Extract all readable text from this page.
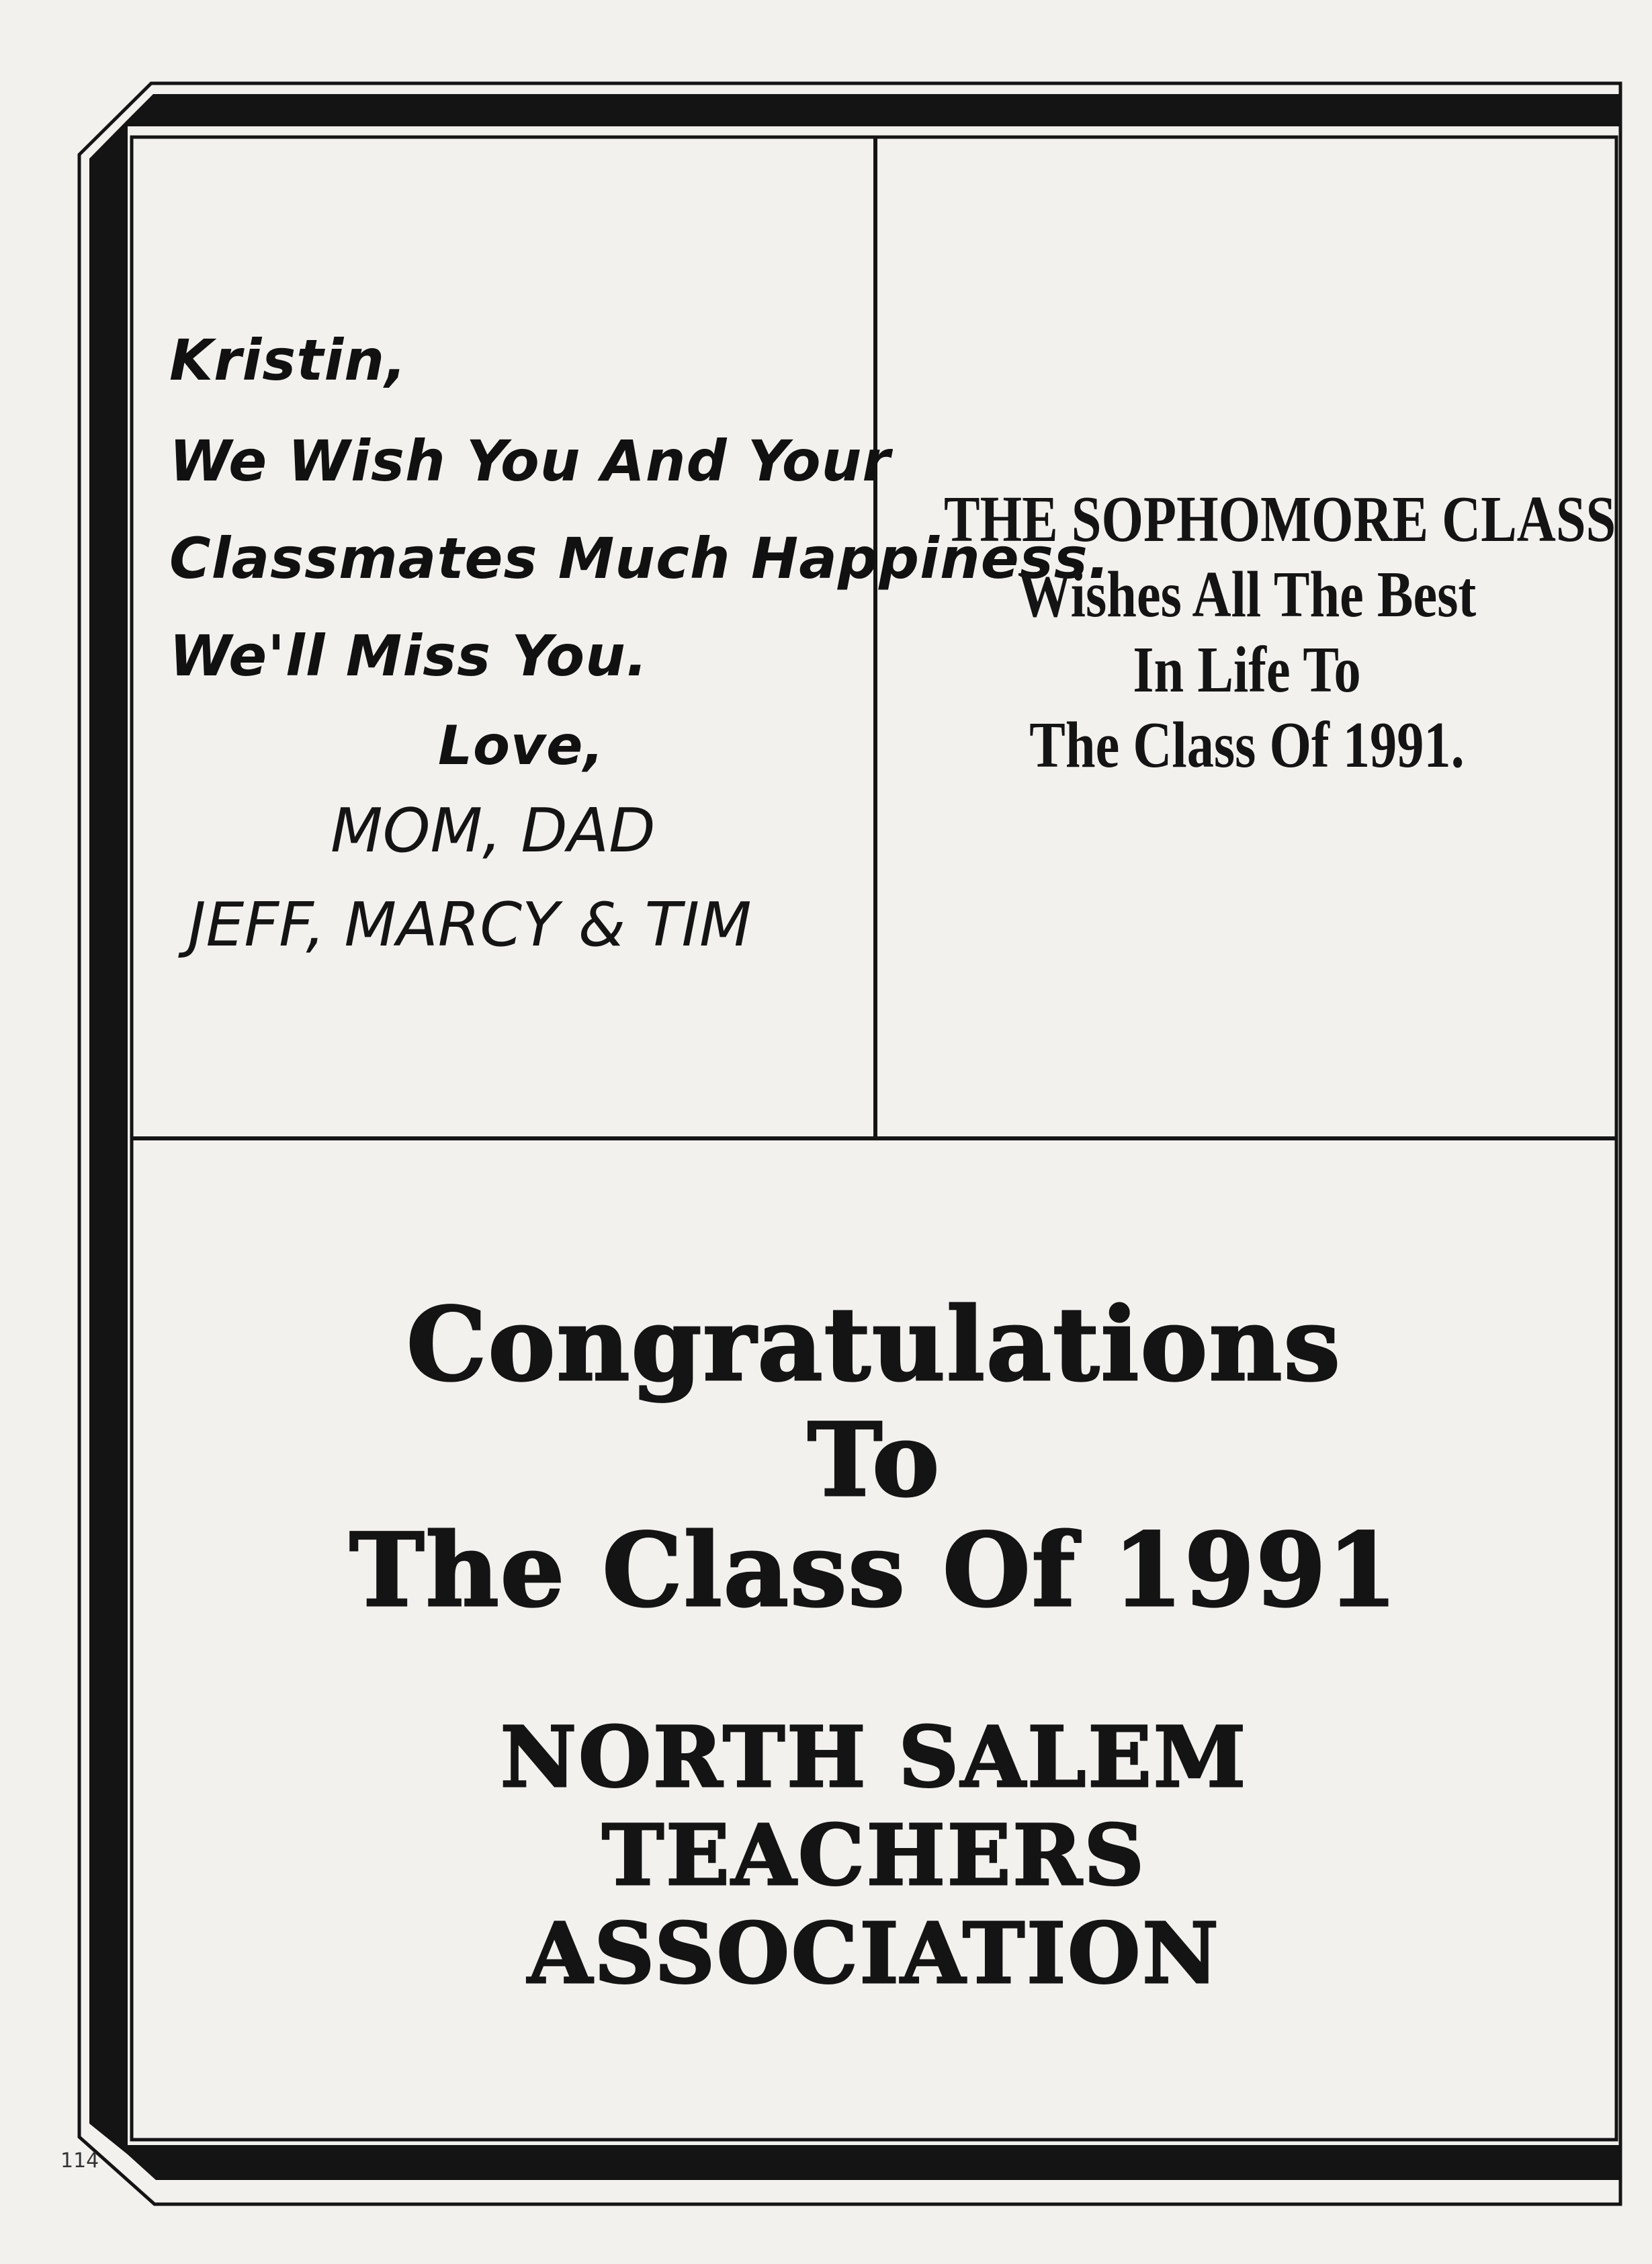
Kristin,
We Wish You And Your
Classmates Much Happiness.
We'll Miss You.
Love,
MOM, DAD
JEFF, MARCY & TIM
THE SOPHOMORE CLASS
Wishes All The Best
In Life To
The Class Of 1991.
Congratulations
To
The Class Of 1991
NORTH SALEM
TEACHERS
ASSOCIATION
114
